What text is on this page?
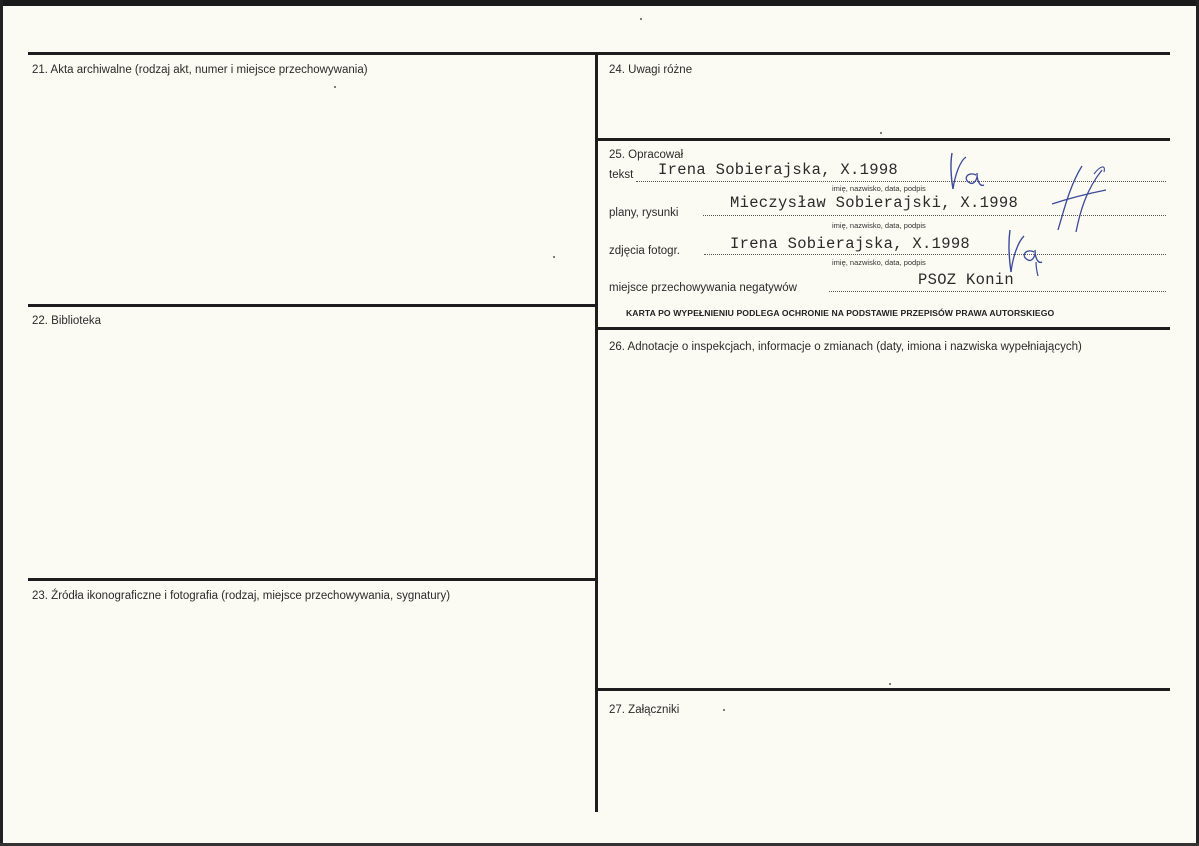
21. Akta archiwalne (rodzaj akt, numer i miejsce przechowywania)
22. Biblioteka
23. Źródła ikonograficzne i fotografia (rodzaj, miejsce przechowywania, sygnatury)
24. Uwagi różne
25. Opracował
tekst Irena Sobierajska, X.1998
imię, nazwisko, data, podpis
plany, rysunki
Mieczysław Sobierajski, X.1998
imię, nazwisko, data, podpis
zdjęcia fotogr.	Irena Sobierajska, X.1998
imię, nazwisko, data, podpis
miejsce przechowywania negatywów	PSOZ Konin
KARTA PO WYPEŁNIENIU PODLEGA OCHRONIE NA PODSTAWIE PRZEPISÓW PRAWA AUTORSKIEGO
26. Adnotacje o inspekcjach, informacje o zmianach (daty, imiona i nazwiska wypełniających)
27. Załączniki
